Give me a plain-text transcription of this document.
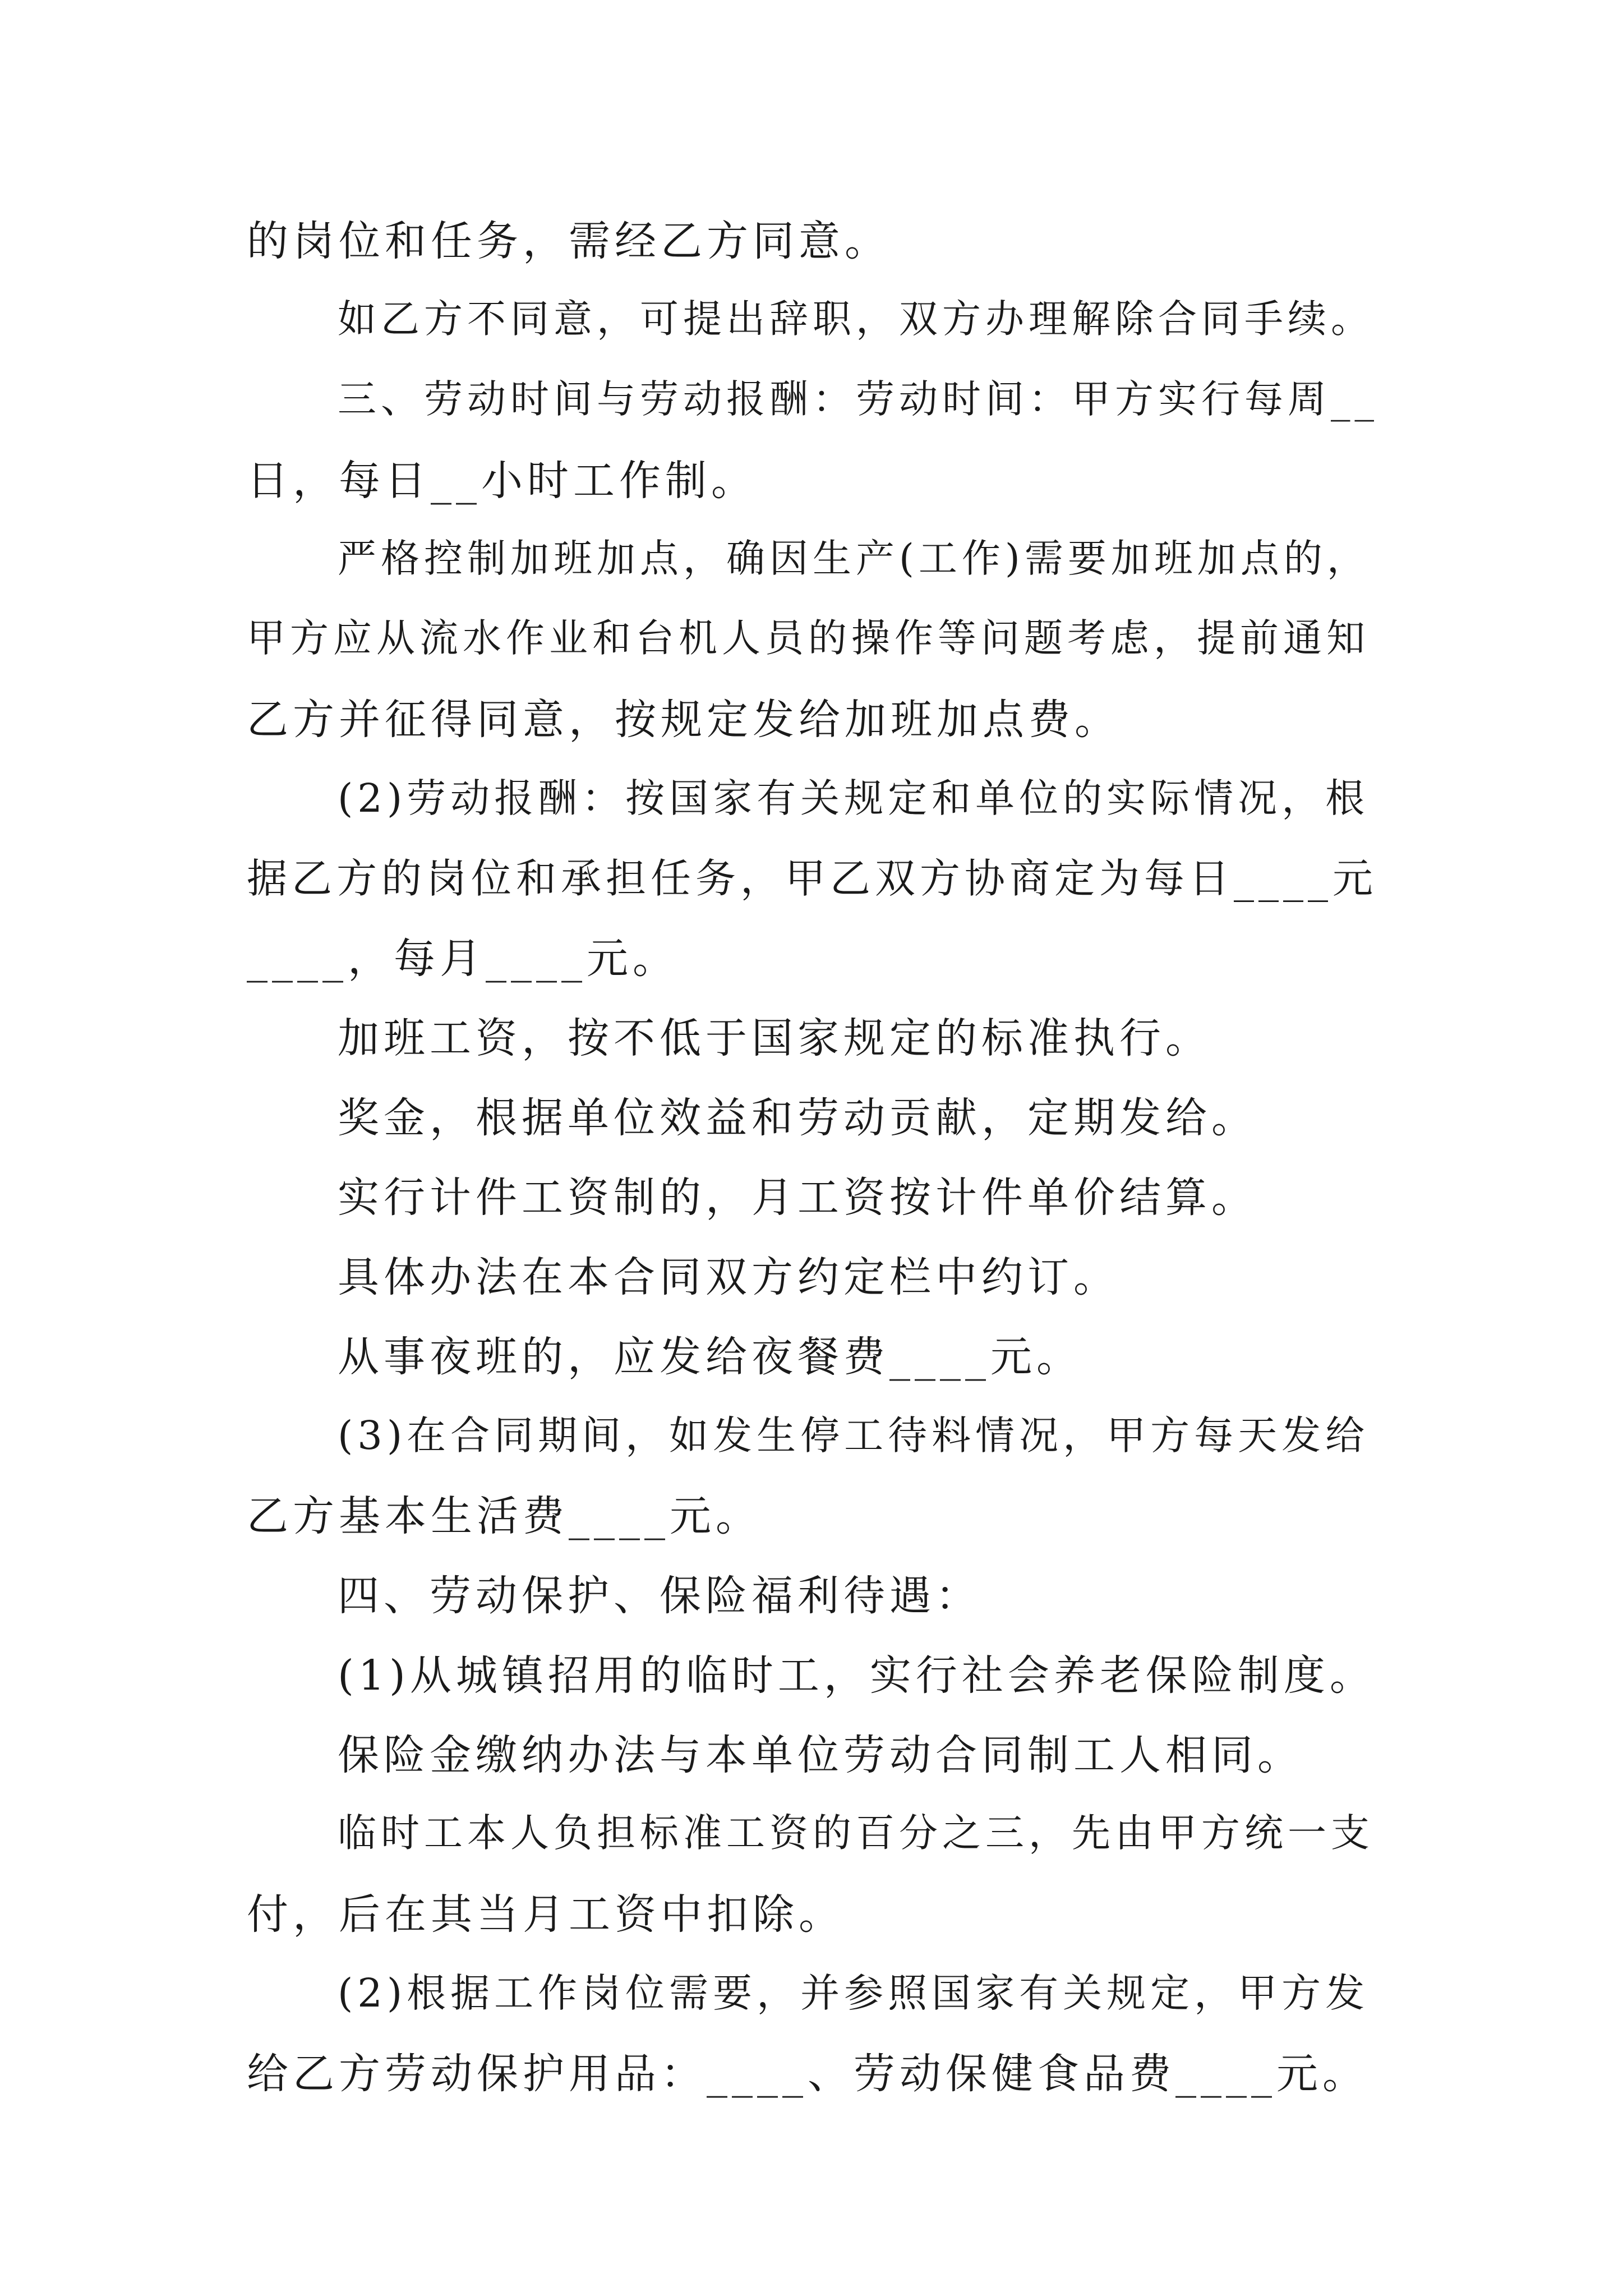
的岗位和任务，需经乙方同意。
如乙方不同意，可提出辞职，双方办理解除合同手续。
三、劳动时间与劳动报酬：劳动时间：甲方实行每周__
日，每日__小时工作制。
严格控制加班加点，确因生产(工作)需要加班加点的，
甲方应从流水作业和台机人员的操作等问题考虑，提前通知
乙方并征得同意，按规定发给加班加点费。
(2)劳动报酬：按国家有关规定和单位的实际情况，根
据乙方的岗位和承担任务，甲乙双方协商定为每日____元
____，每月____元。
加班工资，按不低于国家规定的标准执行。
奖金，根据单位效益和劳动贡献，定期发给。
实行计件工资制的，月工资按计件单价结算。
具体办法在本合同双方约定栏中约订。
从事夜班的，应发给夜餐费____元。
(3)在合同期间，如发生停工待料情况，甲方每天发给
乙方基本生活费____元。
四、劳动保护、保险福利待遇：
(1)从城镇招用的临时工，实行社会养老保险制度。
保险金缴纳办法与本单位劳动合同制工人相同。
临时工本人负担标准工资的百分之三，先由甲方统一支
付，后在其当月工资中扣除。
(2)根据工作岗位需要，并参照国家有关规定，甲方发
给乙方劳动保护用品：____、劳动保健食品费____元。
